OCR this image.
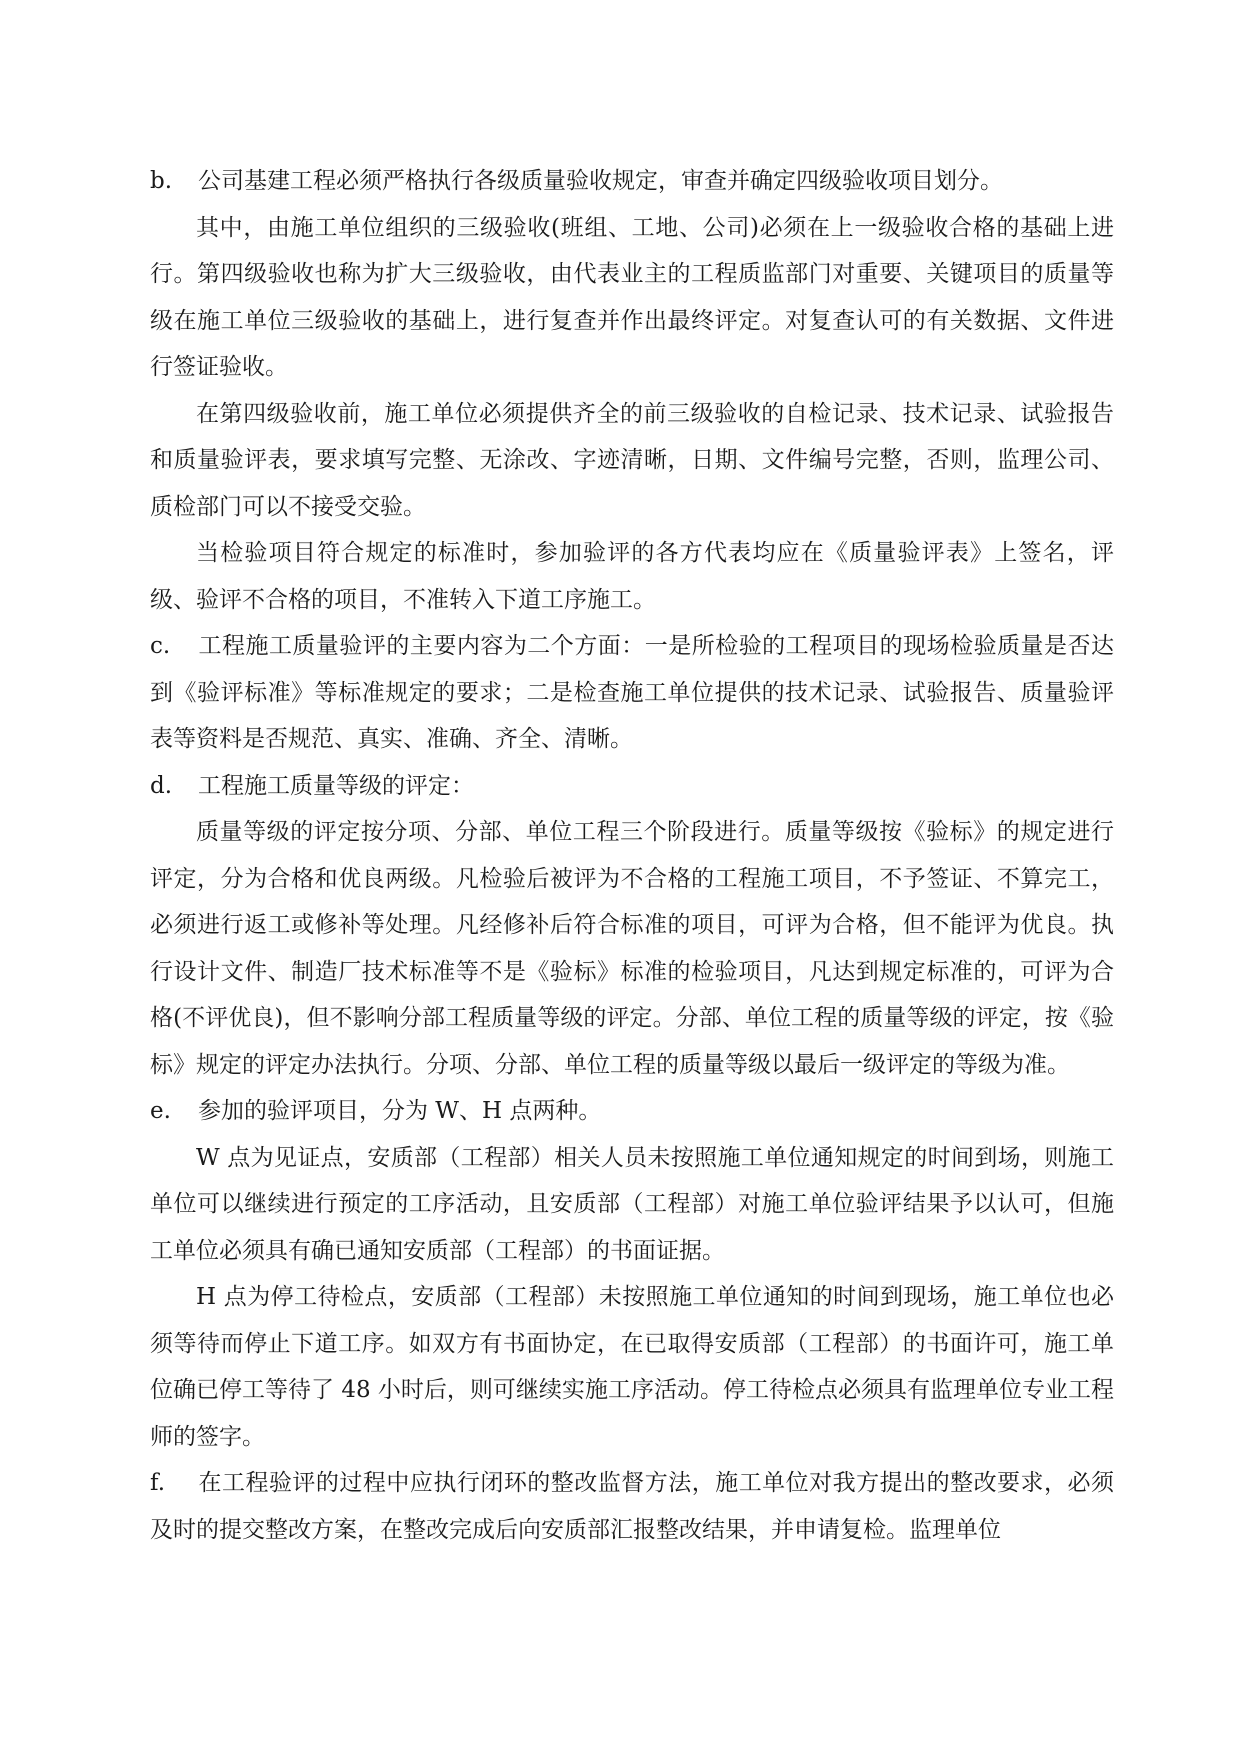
b. 公司基建工程必须严格执行各级质量验收规定，审查并确定四级验收项目划分。

其中，由施工单位组织的三级验收(班组、工地、公司)必须在上一级验收合格的基础上进行。第四级验收也称为扩大三级验收，由代表业主的工程质监部门对重要、关键项目的质量等级在施工单位三级验收的基础上，进行复查并作出最终评定。对复查认可的有关数据、文件进行签证验收。

在第四级验收前，施工单位必须提供齐全的前三级验收的自检记录、技术记录、试验报告和质量验评表，要求填写完整、无涂改、字迹清晰，日期、文件编号完整，否则，监理公司、质检部门可以不接受交验。

当检验项目符合规定的标准时，参加验评的各方代表均应在《质量验评表》上签名，评级、验评不合格的项目，不准转入下道工序施工。

c. 工程施工质量验评的主要内容为二个方面：一是所检验的工程项目的现场检验质量是否达到《验评标准》等标准规定的要求；二是检查施工单位提供的技术记录、试验报告、质量验评表等资料是否规范、真实、准确、齐全、清晰。

d. 工程施工质量等级的评定：

质量等级的评定按分项、分部、单位工程三个阶段进行。质量等级按《验标》的规定进行评定，分为合格和优良两级。凡检验后被评为不合格的工程施工项目，不予签证、不算完工，必须进行返工或修补等处理。凡经修补后符合标准的项目，可评为合格，但不能评为优良。执行设计文件、制造厂技术标准等不是《验标》标准的检验项目，凡达到规定标准的，可评为合格(不评优良)，但不影响分部工程质量等级的评定。分部、单位工程的质量等级的评定，按《验标》规定的评定办法执行。分项、分部、单位工程的质量等级以最后一级评定的等级为准。

e. 参加的验评项目，分为 W、H 点两种。

W 点为见证点，安质部（工程部）相关人员未按照施工单位通知规定的时间到场，则施工单位可以继续进行预定的工序活动，且安质部（工程部）对施工单位验评结果予以认可，但施工单位必须具有确已通知安质部（工程部）的书面证据。

H 点为停工待检点，安质部（工程部）未按照施工单位通知的时间到现场，施工单位也必须等待而停止下道工序。如双方有书面协定，在已取得安质部（工程部）的书面许可，施工单位确已停工等待了 48 小时后，则可继续实施工序活动。停工待检点必须具有监理单位专业工程师的签字。

f. 在工程验评的过程中应执行闭环的整改监督方法，施工单位对我方提出的整改要求，必须及时的提交整改方案，在整改完成后向安质部汇报整改结果，并申请复检。监理单位
